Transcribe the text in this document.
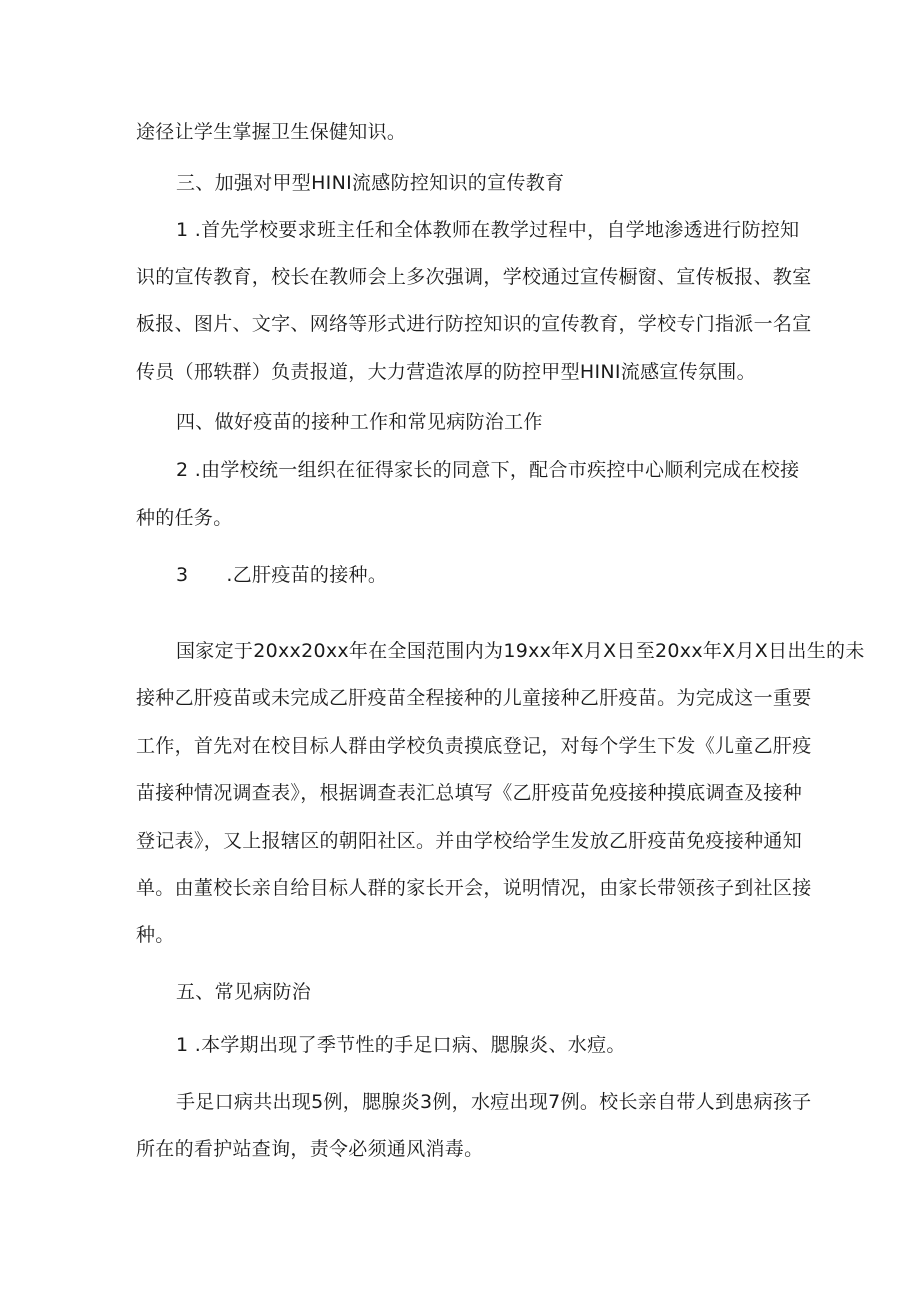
途径让学生掌握卫生保健知识。
三、加强对甲型HINI流感防控知识的宣传教育
1 .首先学校要求班主任和全体教师在教学过程中，自学地渗透进行防控知
识的宣传教育，校长在教师会上多次强调，学校通过宣传橱窗、宣传板报、教室
板报、图片、文字、网络等形式进行防控知识的宣传教育，学校专门指派一名宣
传员（邢轶群）负责报道，大力营造浓厚的防控甲型HINI流感宣传氛围。
四、做好疫苗的接种工作和常见病防治工作
2 .由学校统一组织在征得家长的同意下，配合市疾控中心顺利完成在校接
种的任务。
3 .乙肝疫苗的接种。
国家定于20xx20xx年在全国范围内为19xx年X月X日至20xx年X月X日出生的未
接种乙肝疫苗或未完成乙肝疫苗全程接种的儿童接种乙肝疫苗。为完成这一重要
工作，首先对在校目标人群由学校负责摸底登记，对每个学生下发《儿童乙肝疫
苗接种情况调查表》，根据调查表汇总填写《乙肝疫苗免疫接种摸底调查及接种
登记表》，又上报辖区的朝阳社区。并由学校给学生发放乙肝疫苗免疫接种通知
单。由董校长亲自给目标人群的家长开会，说明情况，由家长带领孩子到社区接
种。
五、常见病防治
1 .本学期出现了季节性的手足口病、腮腺炎、水痘。
手足口病共出现5例，腮腺炎3例，水痘出现7例。校长亲自带人到患病孩子
所在的看护站查询，责令必须通风消毒。
